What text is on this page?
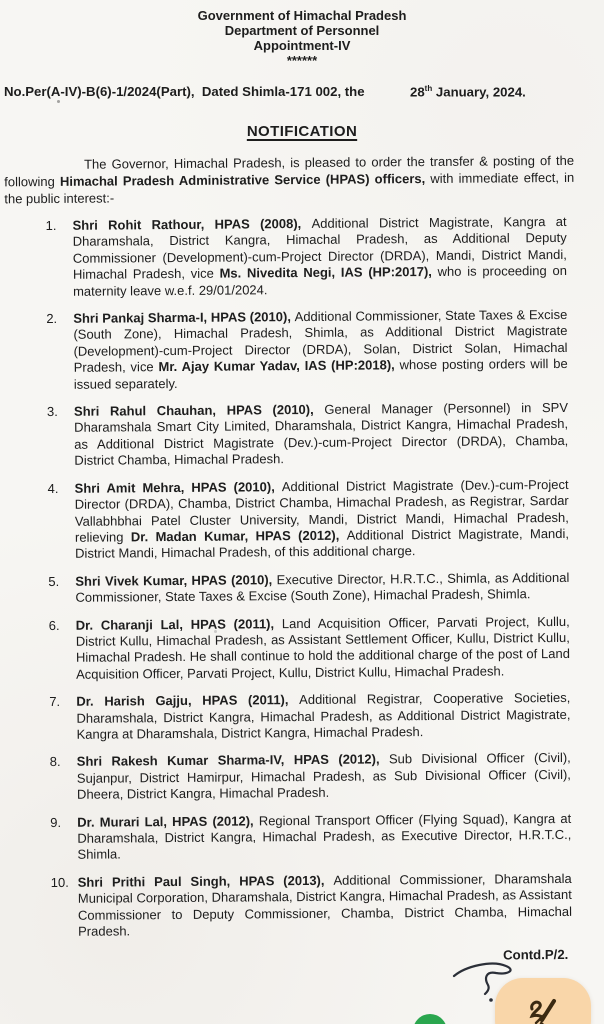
Government of Himachal Pradesh
Department of Personnel
Appointment-IV
******
No.Per(A-IV)-B(6)-1/2024(Part),  Dated Shimla-171 002, the	28th January, 2024.
NOTIFICATION

The Governor, Himachal Pradesh, is pleased to order the transfer & posting of the following Himachal Pradesh Administrative Service (HPAS) officers, with immediate effect, in the public interest:-

1.	Shri Rohit Rathour, HPAS (2008), Additional District Magistrate, Kangra at Dharamshala, District Kangra, Himachal Pradesh, as Additional Deputy Commissioner (Development)-cum-Project Director (DRDA), Mandi, District Mandi, Himachal Pradesh, vice Ms. Nivedita Negi, IAS (HP:2017), who is proceeding on maternity leave w.e.f. 29/01/2024.

2.	Shri Pankaj Sharma-I, HPAS (2010), Additional Commissioner, State Taxes & Excise (South Zone), Himachal Pradesh, Shimla, as Additional District Magistrate (Development)-cum-Project Director (DRDA), Solan, District Solan, Himachal Pradesh, vice Mr. Ajay Kumar Yadav, IAS (HP:2018), whose posting orders will be issued separately.

3.	Shri Rahul Chauhan, HPAS (2010), General Manager (Personnel) in SPV Dharamshala Smart City Limited, Dharamshala, District Kangra, Himachal Pradesh, as Additional District Magistrate (Dev.)-cum-Project Director (DRDA), Chamba, District Chamba, Himachal Pradesh.

4.	Shri Amit Mehra, HPAS (2010), Additional District Magistrate (Dev.)-cum-Project Director (DRDA), Chamba, District Chamba, Himachal Pradesh, as Registrar, Sardar Vallabhbhai Patel Cluster University, Mandi, District Mandi, Himachal Pradesh, relieving Dr. Madan Kumar, HPAS (2012), Additional District Magistrate, Mandi, District Mandi, Himachal Pradesh, of this additional charge.

5.	Shri Vivek Kumar, HPAS (2010), Executive Director, H.R.T.C., Shimla, as Additional Commissioner, State Taxes & Excise (South Zone), Himachal Pradesh, Shimla.

6.	Dr. Charanji Lal, HPAS (2011), Land Acquisition Officer, Parvati Project, Kullu, District Kullu, Himachal Pradesh, as Assistant Settlement Officer, Kullu, District Kullu, Himachal Pradesh. He shall continue to hold the additional charge of the post of Land Acquisition Officer, Parvati Project, Kullu, District Kullu, Himachal Pradesh.

7.	Dr. Harish Gajju, HPAS (2011), Additional Registrar, Cooperative Societies, Dharamshala, District Kangra, Himachal Pradesh, as Additional District Magistrate, Kangra at Dharamshala, District Kangra, Himachal Pradesh.

8.	Shri Rakesh Kumar Sharma-IV, HPAS (2012), Sub Divisional Officer (Civil), Sujanpur, District Hamirpur, Himachal Pradesh, as Sub Divisional Officer (Civil), Dheera, District Kangra, Himachal Pradesh.

9.	Dr. Murari Lal, HPAS (2012), Regional Transport Officer (Flying Squad), Kangra at Dharamshala, District Kangra, Himachal Pradesh, as Executive Director, H.R.T.C., Shimla.

10. Shri Prithi Paul Singh, HPAS (2013), Additional Commissioner, Dharamshala Municipal Corporation, Dharamshala, District Kangra, Himachal Pradesh, as Assistant Commissioner to Deputy Commissioner, Chamba, District Chamba, Himachal Pradesh.

Contd.P/2.
